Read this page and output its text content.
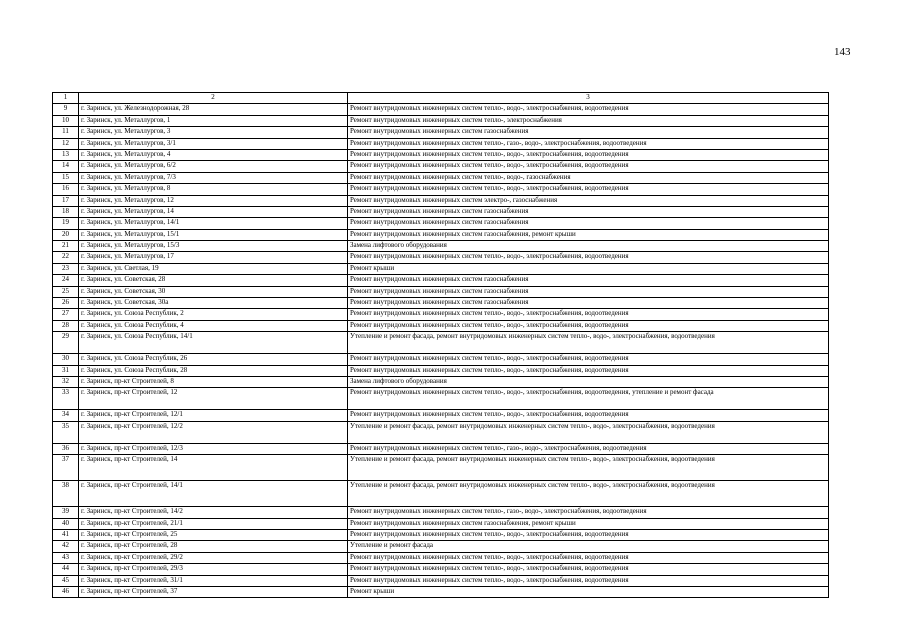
143
1	2	3
9	г. Заринск, ул. Железнодорожная, 28	Ремонт внутридомовых инженерных систем тепло-, водо-, электроснабжения, водоотведения
10	г. Заринск, ул. Металлургов, 1	Ремонт внутридомовых инженерных систем тепло-, электроснабжения
11	г. Заринск, ул. Металлургов, 3	Ремонт внутридомовых инженерных систем газоснабжения
12	г. Заринск, ул. Металлургов, 3/1	Ремонт внутридомовых инженерных систем тепло-, газо-, водо-, электроснабжения, водоотведения
13	г. Заринск, ул. Металлургов, 4	Ремонт внутридомовых инженерных систем тепло-, водо-, электроснабжения, водоотведения
14	г. Заринск, ул. Металлургов, 6/2	Ремонт внутридомовых инженерных систем тепло-, водо-, электроснабжения, водоотведения
15	г. Заринск, ул. Металлургов, 7/3	Ремонт внутридомовых инженерных систем тепло-, водо-, газоснабжения
16	г. Заринск, ул. Металлургов, 8	Ремонт внутридомовых инженерных систем тепло-, водо-, электроснабжения, водоотведения
17	г. Заринск, ул. Металлургов, 12	Ремонт внутридомовых инженерных систем электро-, газоснабжения
18	г. Заринск, ул. Металлургов, 14	Ремонт внутридомовых инженерных систем газоснабжения
19	г. Заринск, ул. Металлургов, 14/1	Ремонт внутридомовых инженерных систем газоснабжения
20	г. Заринск, ул. Металлургов, 15/1	Ремонт внутридомовых инженерных систем газоснабжения, ремонт крыши
21	г. Заринск, ул. Металлургов, 15/3	Замена лифтового оборудования
22	г. Заринск, ул. Металлургов, 17	Ремонт внутридомовых инженерных систем тепло-, водо-, электроснабжения, водоотведения
23	г. Заринск, ул. Светлая, 19	Ремонт крыши
24	г. Заринск, ул. Советская, 28	Ремонт внутридомовых инженерных систем газоснабжения
25	г. Заринск, ул. Советская, 30	Ремонт внутридомовых инженерных систем газоснабжения
26	г. Заринск, ул. Советская, 30а	Ремонт внутридомовых инженерных систем газоснабжения
27	г. Заринск, ул. Союза Республик, 2	Ремонт внутридомовых инженерных систем тепло-, водо-, электроснабжения, водоотведения
28	г. Заринск, ул. Союза Республик, 4	Ремонт внутридомовых инженерных систем тепло-, водо-, электроснабжения, водоотведения
29	г. Заринск, ул. Союза Республик, 14/1	Утепление и ремонт фасада, ремонт внутридомовых инженерных систем тепло-, водо-, электроснабжения, водоотведения
30	г. Заринск, ул. Союза Республик, 26	Ремонт внутридомовых инженерных систем тепло-, водо-, электроснабжения, водоотведения
31	г. Заринск, ул. Союза Республик, 28	Ремонт внутридомовых инженерных систем тепло-, водо-, электроснабжения, водоотведения
32	г. Заринск, пр-кт Строителей, 8	Замена лифтового оборудования
33	г. Заринск, пр-кт Строителей, 12	Ремонт внутридомовых инженерных систем тепло-, водо-, электроснабжения, водоотведения, утепление и ремонт фасада
34	г. Заринск, пр-кт Строителей, 12/1	Ремонт внутридомовых инженерных систем тепло-, водо-, электроснабжения, водоотведения
35	г. Заринск, пр-кт Строителей, 12/2	Утепление и ремонт фасада, ремонт внутридомовых инженерных систем тепло-, водо-, электроснабжения, водоотведения
36	г. Заринск, пр-кт Строителей, 12/3	Ремонт внутридомовых инженерных систем тепло-, газо-, водо-, электроснабжения, водоотведения
37	г. Заринск, пр-кт Строителей, 14	Утепление и ремонт фасада, ремонт внутридомовых инженерных систем тепло-, водо-, электроснабжения, водоотведения
38	г. Заринск, пр-кт Строителей, 14/1	Утепление и ремонт фасада, ремонт внутридомовых инженерных систем тепло-, водо-, электроснабжения, водоотведения
39	г. Заринск, пр-кт Строителей, 14/2	Ремонт внутридомовых инженерных систем тепло-, газо-, водо-, электроснабжения, водоотведения
40	г. Заринск, пр-кт Строителей, 21/1	Ремонт внутридомовых инженерных систем газоснабжения, ремонт крыши
41	г. Заринск, пр-кт Строителей, 25	Ремонт внутридомовых инженерных систем тепло-, водо-, электроснабжения, водоотведения
42	г. Заринск, пр-кт Строителей, 28	Утепление и ремонт фасада
43	г. Заринск, пр-кт Строителей, 29/2	Ремонт внутридомовых инженерных систем тепло-, водо-, электроснабжения, водоотведения
44	г. Заринск, пр-кт Строителей, 29/3	Ремонт внутридомовых инженерных систем тепло-, водо-, электроснабжения, водоотведения
45	г. Заринск, пр-кт Строителей, 31/1	Ремонт внутридомовых инженерных систем тепло-, водо-, электроснабжения, водоотведения
46	г. Заринск, пр-кт Строителей, 37	Ремонт крыши
